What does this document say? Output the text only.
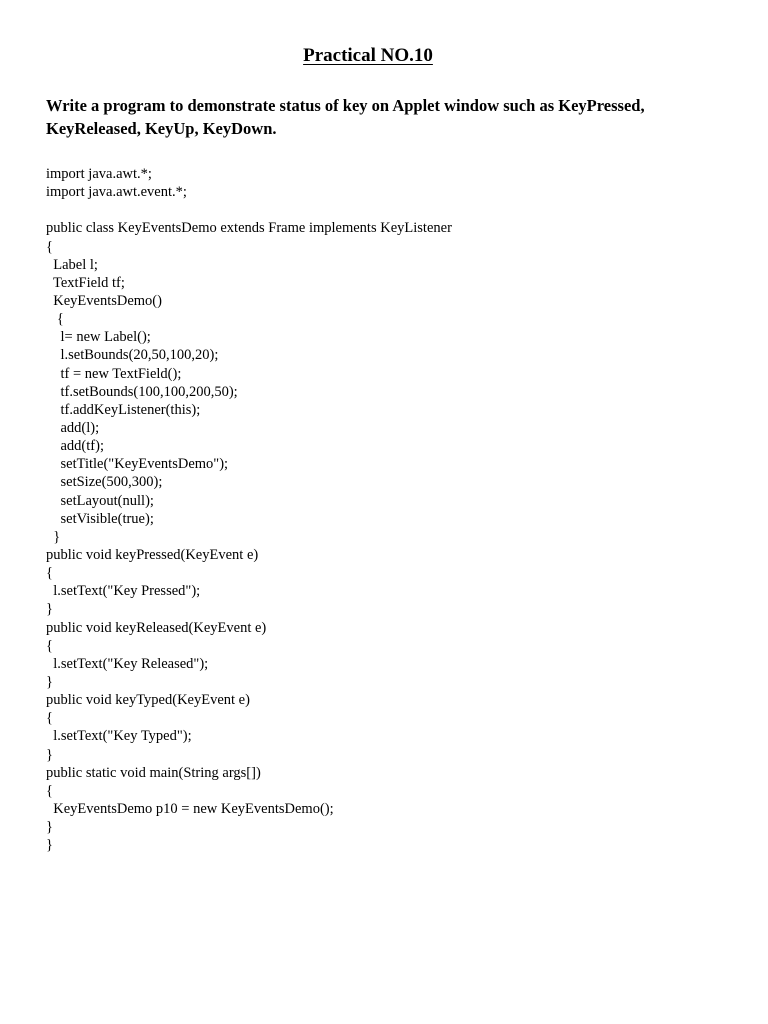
Practical NO.10
Write a program to demonstrate status of key on Applet window such as KeyPressed, KeyReleased, KeyUp, KeyDown.
import java.awt.*;
import java.awt.event.*;
public class KeyEventsDemo extends Frame implements KeyListener
{
Label l;
TextField tf;
KeyEventsDemo()
{
l= new Label();
l.setBounds(20,50,100,20);
tf = new TextField();
tf.setBounds(100,100,200,50);
tf.addKeyListener(this);
add(l);
add(tf);
setTitle("KeyEventsDemo");
setSize(500,300);
setLayout(null);
setVisible(true);
}
public void keyPressed(KeyEvent e)
{
l.setText("Key Pressed");
}
public void keyReleased(KeyEvent e)
{
l.setText("Key Released");
}
public void keyTyped(KeyEvent e)
{
l.setText("Key Typed");
}
public static void main(String args[])
{
KeyEventsDemo p10 = new KeyEventsDemo();
}
}
